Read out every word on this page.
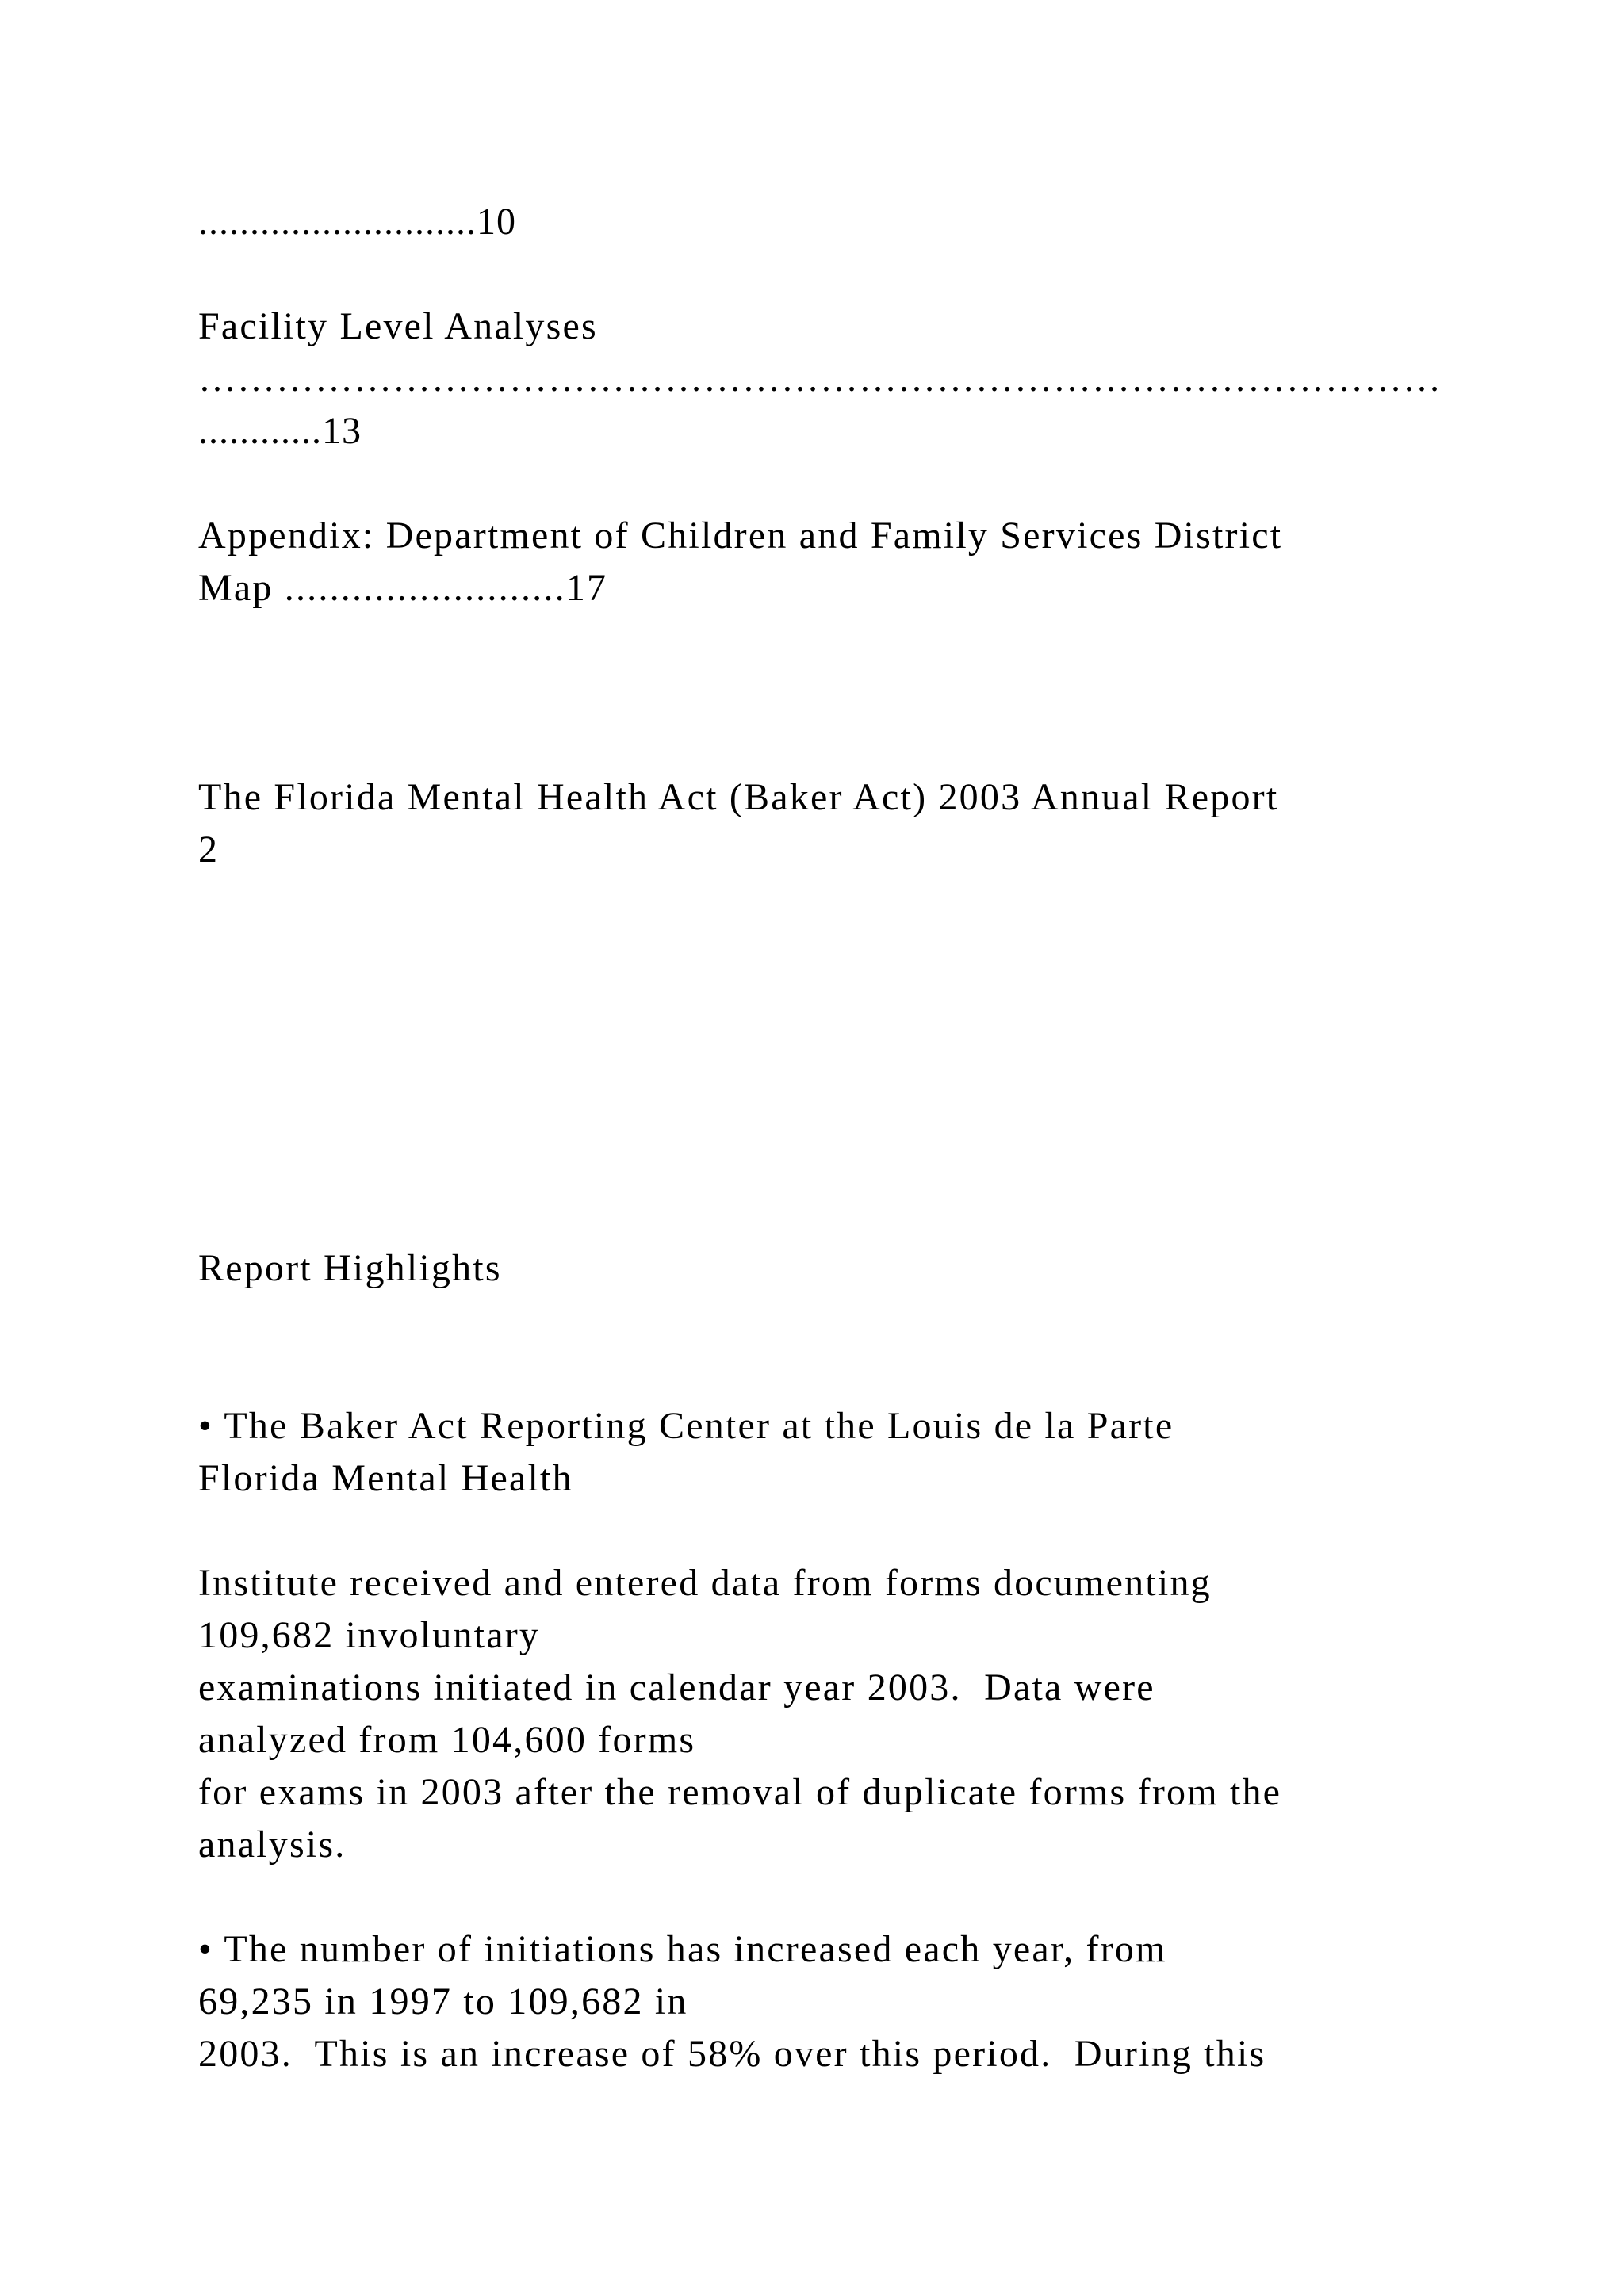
...........................10

Facility Level Analyses

……………………………………………………………………………………

............13

Appendix: Department of Children and Family Services District

Map .........................17

The Florida Mental Health Act (Baker Act) 2003 Annual Report

2

Report Highlights

• The Baker Act Reporting Center at the Louis de la Parte

Florida Mental Health

Institute received and entered data from forms documenting

109,682 involuntary

examinations initiated in calendar year 2003.  Data were

analyzed from 104,600 forms

for exams in 2003 after the removal of duplicate forms from the

analysis.

• The number of initiations has increased each year, from

69,235 in 1997 to 109,682 in

2003.  This is an increase of 58% over this period.  During this
